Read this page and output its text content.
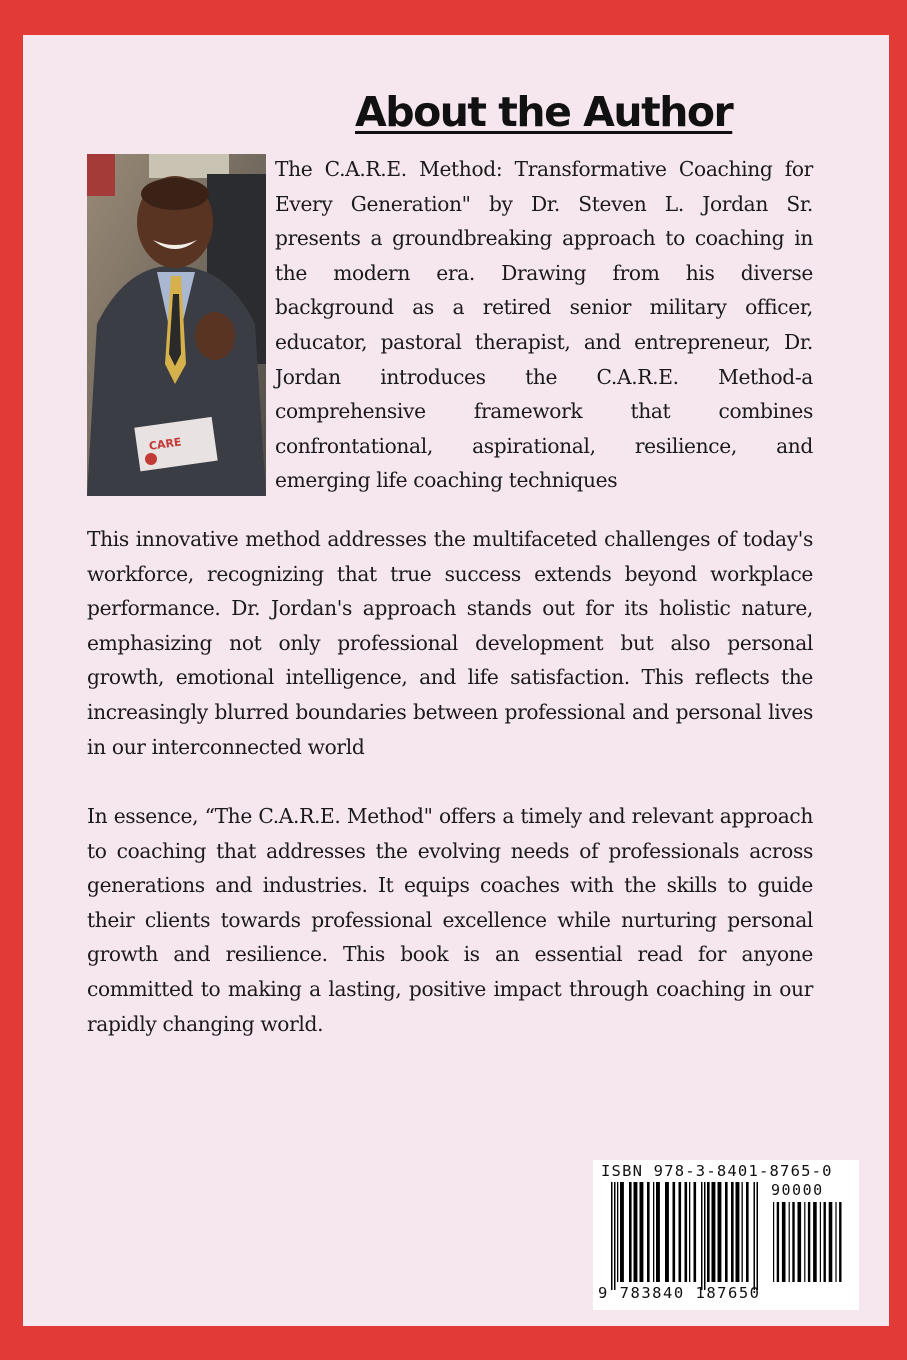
About the Author
CARE

The C.A.R.E. Method: Transformative Coaching for Every Generation" by Dr. Steven L. Jordan Sr. presents a groundbreaking approach to coaching in the modern era. Drawing from his diverse background as a retired senior military officer, educator, pastoral therapist, and entrepreneur, Dr. Jordan introduces the C.A.R.E. Method-a comprehensive framework that combines confrontational, aspirational, resilience, and emerging life coaching techniques

This innovative method addresses the multifaceted challenges of today's workforce, recognizing that true success extends beyond workplace performance. Dr. Jordan's approach stands out for its holistic nature, emphasizing not only professional development but also personal growth, emotional intelligence, and life satisfaction. This reflects the increasingly blurred boundaries between professional and personal lives in our interconnected world

In essence, “The C.A.R.E. Method" offers a timely and relevant approach to coaching that addresses the evolving needs of professionals across generations and industries. It equips coaches with the skills to guide their clients towards professional excellence while nurturing personal growth and resilience. This book is an essential read for anyone committed to making a lasting, positive impact through coaching in our rapidly changing world.

ISBN 978-3-8401-8765-0
90000
9 783840 187650
